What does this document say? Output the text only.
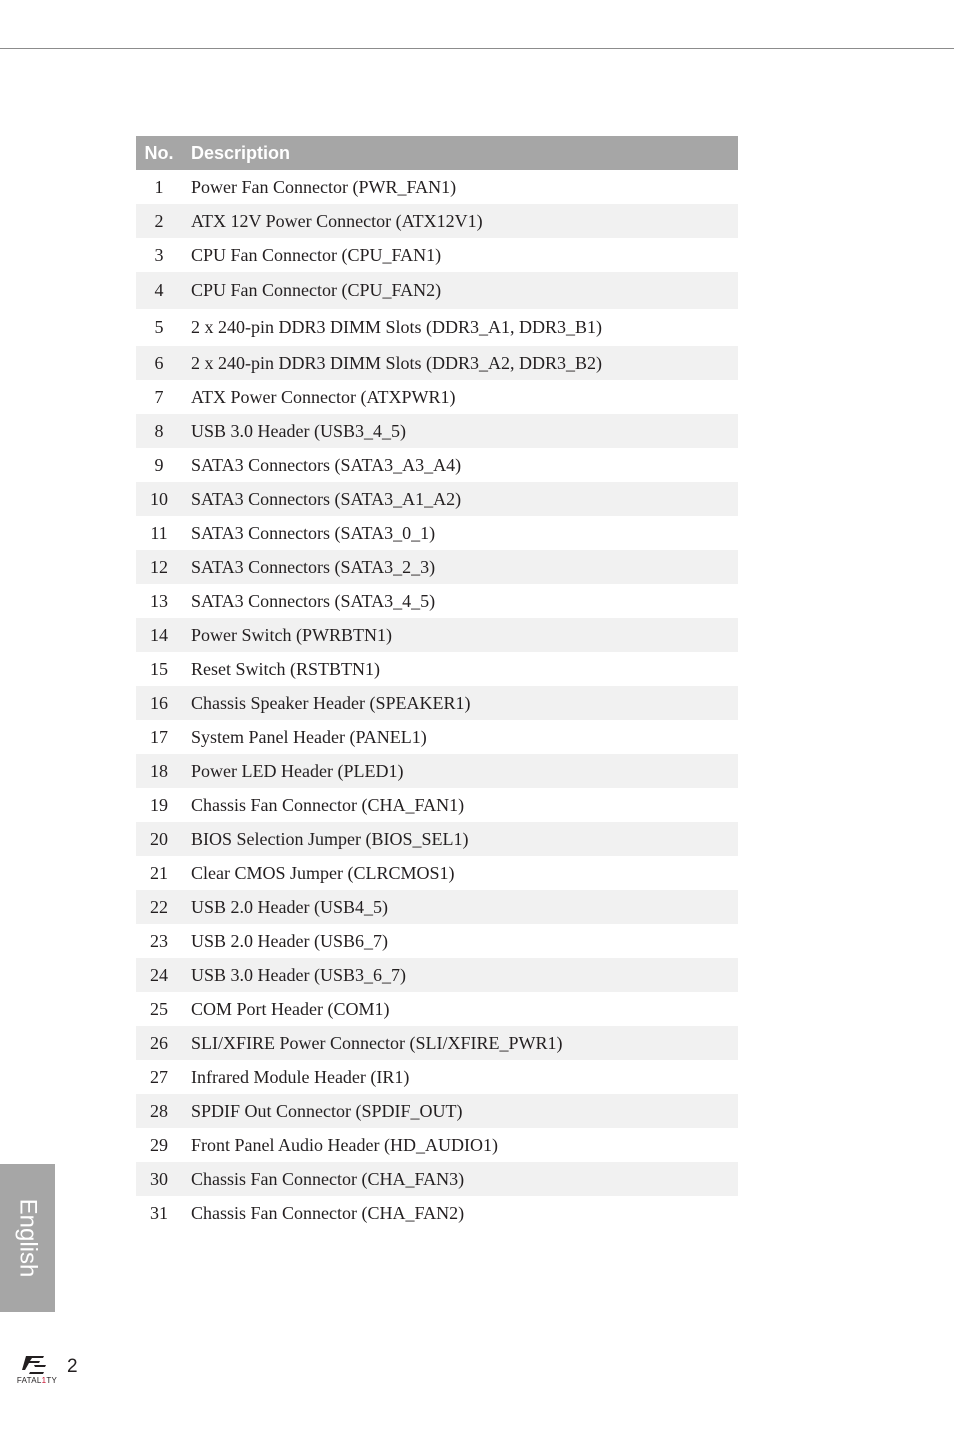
No. Description
1	Power Fan Connector (PWR_FAN1)
2	ATX 12V Power Connector (ATX12V1)
3	CPU Fan Connector (CPU_FAN1)
4	CPU Fan Connector (CPU_FAN2)
5	2 x 240-pin DDR3 DIMM Slots (DDR3_A1, DDR3_B1)
6	2 x 240-pin DDR3 DIMM Slots (DDR3_A2, DDR3_B2)
7	ATX Power Connector (ATXPWR1)
8	USB 3.0 Header (USB3_4_5)
9	SATA3 Connectors (SATA3_A3_A4)
10	SATA3 Connectors (SATA3_A1_A2)
11	SATA3 Connectors (SATA3_0_1)
12	SATA3 Connectors (SATA3_2_3)
13	SATA3 Connectors (SATA3_4_5)
14	Power Switch (PWRBTN1)
15	Reset Switch (RSTBTN1)
16	Chassis Speaker Header (SPEAKER1)
17	System Panel Header (PANEL1)
18	Power LED Header (PLED1)
19	Chassis Fan Connector (CHA_FAN1)
20	BIOS Selection Jumper (BIOS_SEL1)
21	Clear CMOS Jumper (CLRCMOS1)
22	USB 2.0 Header (USB4_5)
23	USB 2.0 Header (USB6_7)
24	USB 3.0 Header (USB3_6_7)
25	COM Port Header (COM1)
26	SLI/XFIRE Power Connector (SLI/XFIRE_PWR1)
27	Infrared Module Header (IR1)
28	SPDIF Out Connector (SPDIF_OUT)
29	Front Panel Audio Header (HD_AUDIO1)
30	Chassis Fan Connector (CHA_FAN3)
31	Chassis Fan Connector (CHA_FAN2)
English
FATAL1TY
2
